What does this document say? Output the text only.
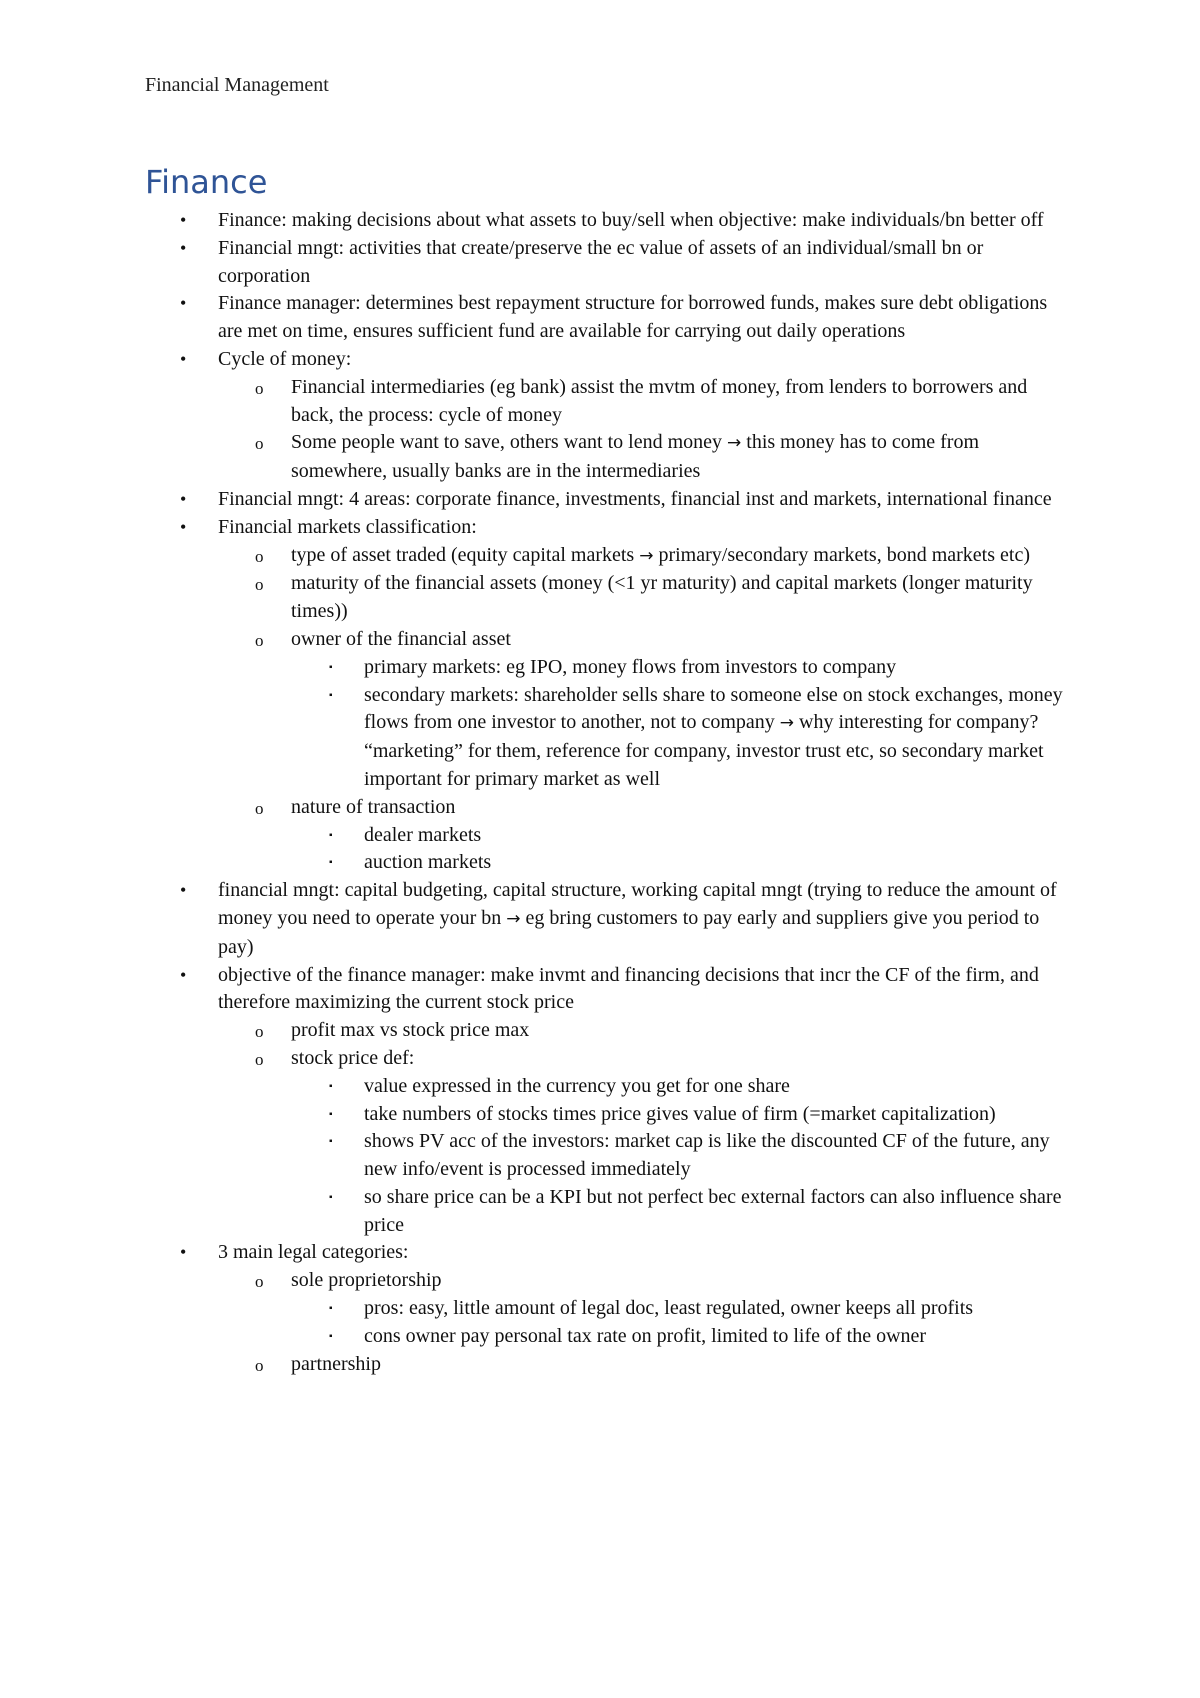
Financial Management
Finance
• Finance: making decisions about what assets to buy/sell when objective: make individuals/bn better off
• Financial mngt: activities that create/preserve the ec value of assets of an individual/small bn or corporation
• Finance manager: determines best repayment structure for borrowed funds, makes sure debt obligations are met on time, ensures sufficient fund are available for carrying out daily operations
• Cycle of money:
o Financial intermediaries (eg bank) assist the mvtm of money, from lenders to borrowers and back, the process: cycle of money
o Some people want to save, others want to lend money → this money has to come from somewhere, usually banks are in the intermediaries
• Financial mngt: 4 areas: corporate finance, investments, financial inst and markets, international finance
• Financial markets classification:
o type of asset traded (equity capital markets → primary/secondary markets, bond markets etc)
o maturity of the financial assets (money (<1 yr maturity) and capital markets (longer maturity times))
o owner of the financial asset
▪ primary markets: eg IPO, money flows from investors to company
▪ secondary markets: shareholder sells share to someone else on stock exchanges, money flows from one investor to another, not to company → why interesting for company? “marketing” for them, reference for company, investor trust etc, so secondary market important for primary market as well
o nature of transaction
▪ dealer markets
▪ auction markets
• financial mngt: capital budgeting, capital structure, working capital mngt (trying to reduce the amount of money you need to operate your bn → eg bring customers to pay early and suppliers give you period to pay)
• objective of the finance manager: make invmt and financing decisions that incr the CF of the firm, and therefore maximizing the current stock price
o profit max vs stock price max
o stock price def:
▪ value expressed in the currency you get for one share
▪ take numbers of stocks times price gives value of firm (=market capitalization)
▪ shows PV acc of the investors: market cap is like the discounted CF of the future, any new info/event is processed immediately
▪ so share price can be a KPI but not perfect bec external factors can also influence share price
• 3 main legal categories:
o sole proprietorship
▪ pros: easy, little amount of legal doc, least regulated, owner keeps all profits
▪ cons owner pay personal tax rate on profit, limited to life of the owner
o partnership
